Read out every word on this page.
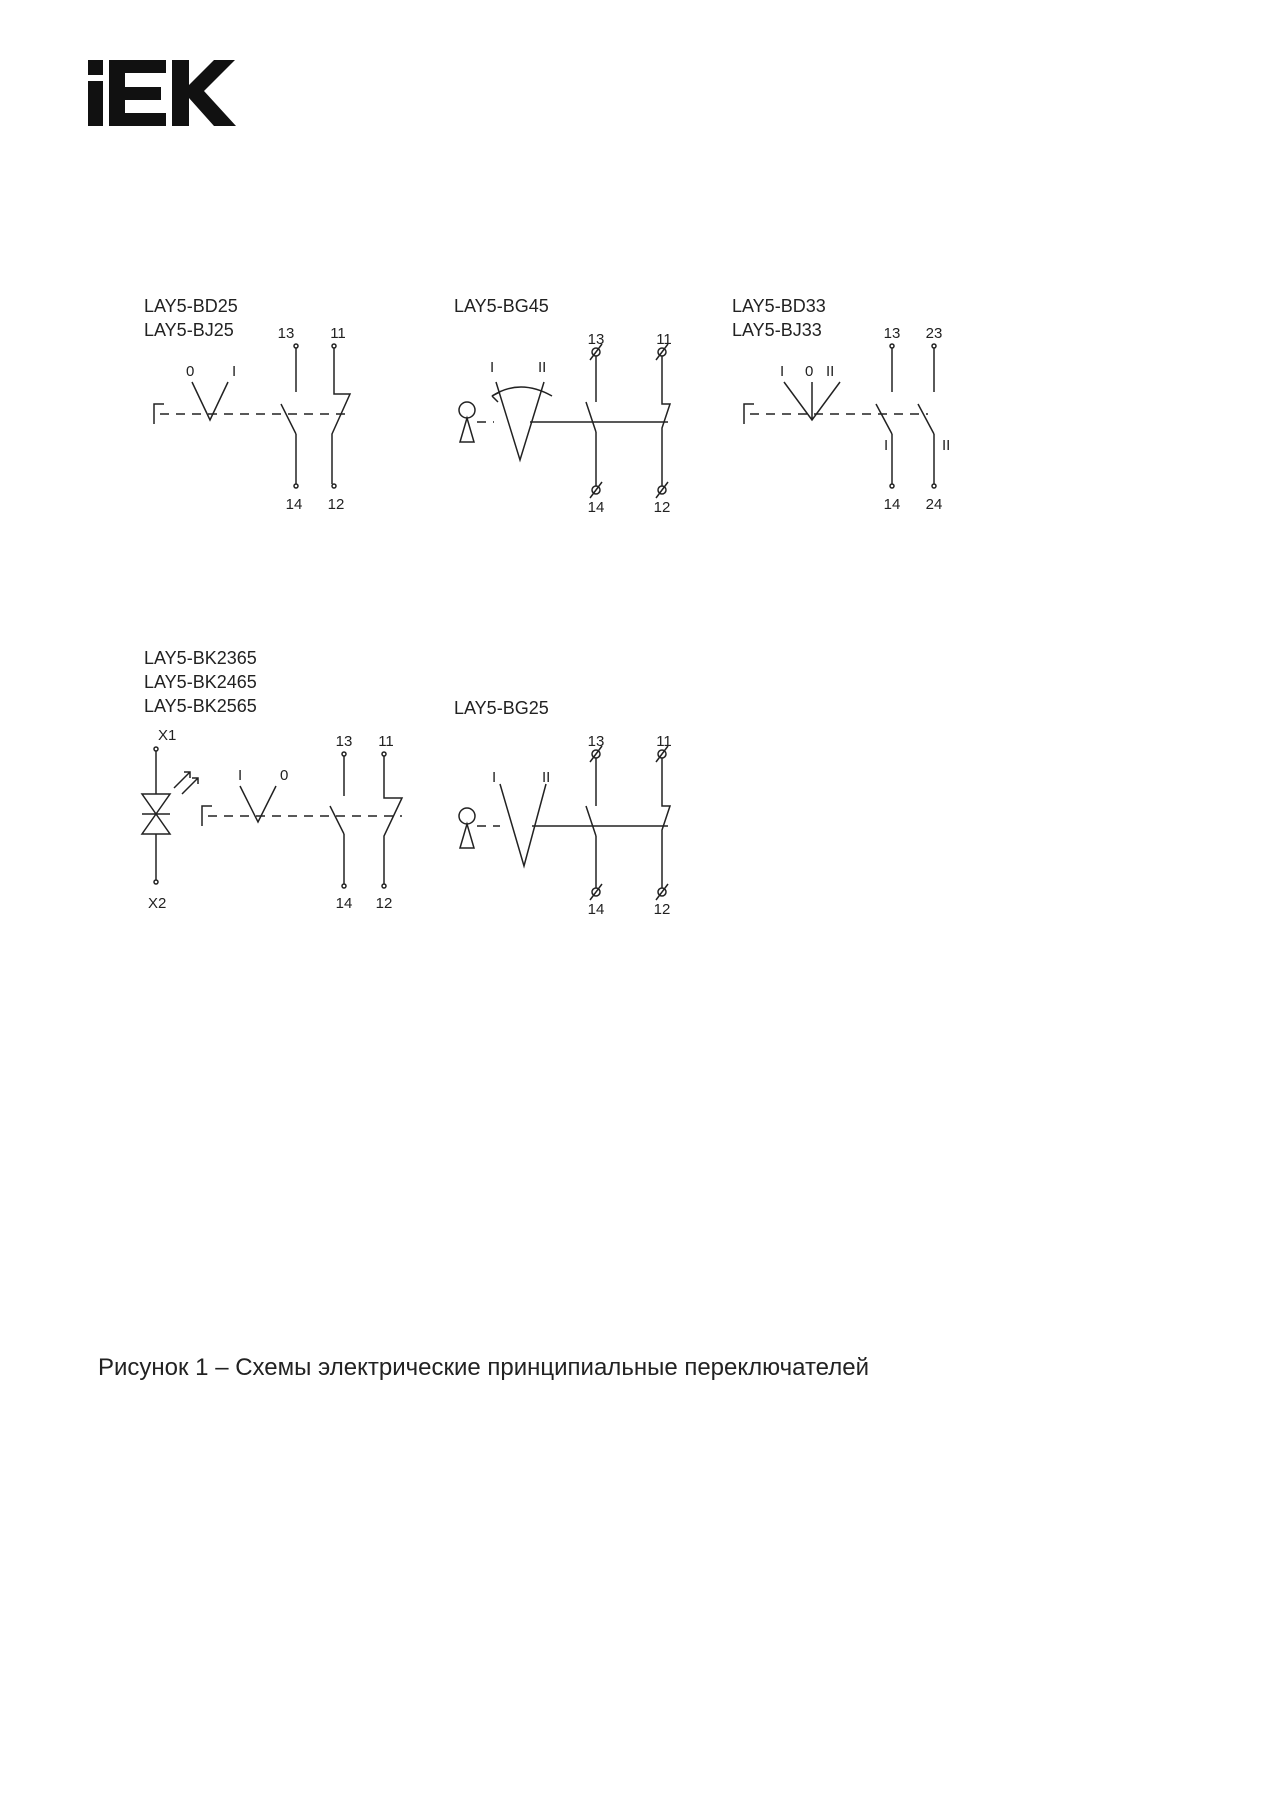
LAY5-BD25
LAY5-BJ25
0	I
13 11
14 12
LAY5-BG45
I	II
13	11
14	12
LAY5-BD33
LAY5-BJ33
I 0 II
13 23
I	II
14 24
LAY5-BK2365
LAY5-BK2465
LAY5-BK2565
X1
X2
I	0
13 11
14 12
LAY5-BG25
I	II
13	11
14	12
Рисунок 1 – Схемы электрические принципиальные переключателей
